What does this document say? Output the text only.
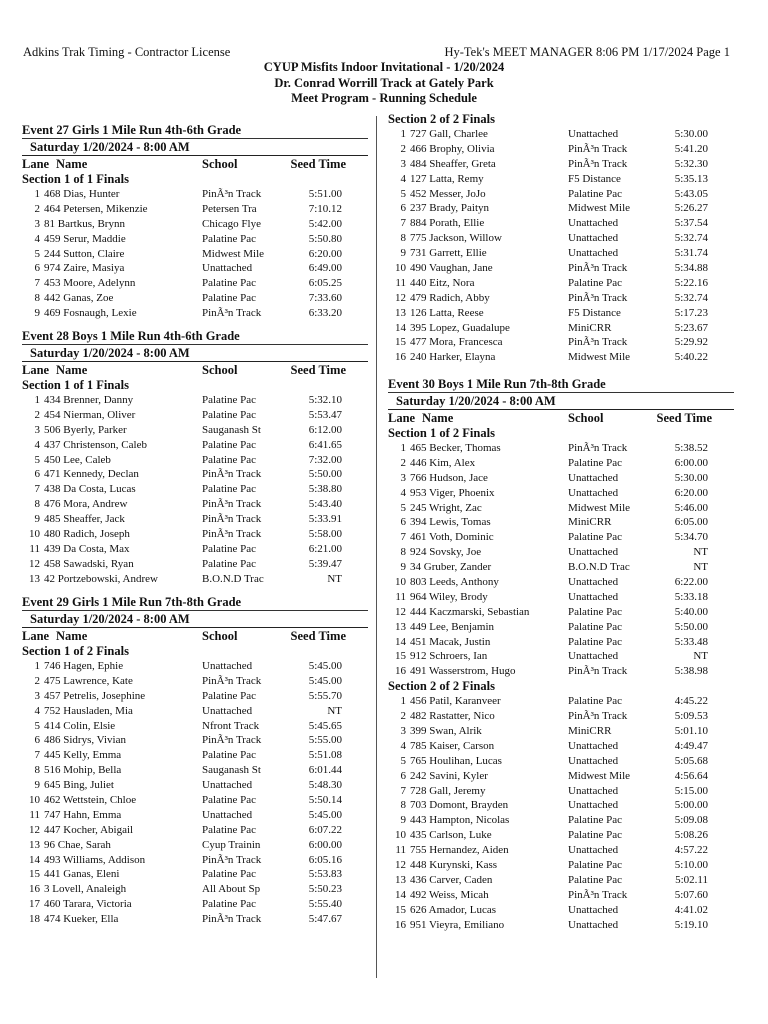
Adkins Trak Timing - Contractor License	Hy-Tek's MEET MANAGER 8:06 PM 1/17/2024 Page 1
CYUP Misfits Indoor Invitational - 1/20/2024
Dr. Conrad Worrill Track at Gately Park
Meet Program - Running Schedule
Event 27 Girls 1 Mile Run 4th-6th Grade
Saturday 1/20/2024 - 8:00 AM
Lane Name	School	Seed Time
Section 1 of 1 Finals
1 468 Dias, Hunter	PinÃ³n Track	5:51.00
2 464 Petersen, Mikenzie	Petersen Tra	7:10.12
3 81 Bartkus, Brynn	Chicago Flye	5:42.00
4 459 Serur, Maddie	Palatine Pac	5:50.80
5 244 Sutton, Claire	Midwest Mile	6:20.00
6 974 Zaire, Masiya	Unattached	6:49.00
7 453 Moore, Adelynn	Palatine Pac	6:05.25
8 442 Ganas, Zoe	Palatine Pac	7:33.60
9 469 Fosnaugh, Lexie	PinÃ³n Track	6:33.20
Event 28 Boys 1 Mile Run 4th-6th Grade
Saturday 1/20/2024 - 8:00 AM
Lane Name	School	Seed Time
Section 1 of 1 Finals
1 434 Brenner, Danny	Palatine Pac	5:32.10
2 454 Nierman, Oliver	Palatine Pac	5:53.47
3 506 Byerly, Parker	Sauganash St	6:12.00
4 437 Christenson, Caleb	Palatine Pac	6:41.65
5 450 Lee, Caleb	Palatine Pac	7:32.00
6 471 Kennedy, Declan	PinÃ³n Track	5:50.00
7 438 Da Costa, Lucas	Palatine Pac	5:38.80
8 476 Mora, Andrew	PinÃ³n Track	5:43.40
9 485 Sheaffer, Jack	PinÃ³n Track	5:33.91
10 480 Radich, Joseph	PinÃ³n Track	5:58.00
11 439 Da Costa, Max	Palatine Pac	6:21.00
12 458 Sawadski, Ryan	Palatine Pac	5:39.47
13 42 Portzebowski, Andrew	B.O.N.D Trac	NT
Event 29 Girls 1 Mile Run 7th-8th Grade
Saturday 1/20/2024 - 8:00 AM
Lane Name	School	Seed Time
Section 1 of 2 Finals
1 746 Hagen, Ephie	Unattached	5:45.00
2 475 Lawrence, Kate	PinÃ³n Track	5:45.00
3 457 Petrelis, Josephine	Palatine Pac	5:55.70
4 752 Hausladen, Mia	Unattached	NT
5 414 Colin, Elsie	Nfront Track	5:45.65
6 486 Sidrys, Vivian	PinÃ³n Track	5:55.00
7 445 Kelly, Emma	Palatine Pac	5:51.08
8 516 Mohip, Bella	Sauganash St	6:01.44
9 645 Bing, Juliet	Unattached	5:48.30
10 462 Wettstein, Chloe	Palatine Pac	5:50.14
11 747 Hahn, Emma	Unattached	5:45.00
12 447 Kocher, Abigail	Palatine Pac	6:07.22
13 96 Chae, Sarah	Cyup Trainin	6:00.00
14 493 Williams, Addison	PinÃ³n Track	6:05.16
15 441 Ganas, Eleni	Palatine Pac	5:53.83
16 3 Lovell, Analeigh	All About Sp	5:50.23
17 460 Tarara, Victoria	Palatine Pac	5:55.40
18 474 Kueker, Ella	PinÃ³n Track	5:47.67
Section 2 of 2 Finals
1 727 Gall, Charlee	Unattached	5:30.00
2 466 Brophy, Olivia	PinÃ³n Track	5:41.20
3 484 Sheaffer, Greta	PinÃ³n Track	5:32.30
4 127 Latta, Remy	F5 Distance	5:35.13
5 452 Messer, JoJo	Palatine Pac	5:43.05
6 237 Brady, Paityn	Midwest Mile	5:26.27
7 884 Porath, Ellie	Unattached	5:37.54
8 775 Jackson, Willow	Unattached	5:32.74
9 731 Garrett, Ellie	Unattached	5:31.74
10 490 Vaughan, Jane	PinÃ³n Track	5:34.88
11 440 Eitz, Nora	Palatine Pac	5:22.16
12 479 Radich, Abby	PinÃ³n Track	5:32.74
13 126 Latta, Reese	F5 Distance	5:17.23
14 395 Lopez, Guadalupe	MiniCRR	5:23.67
15 477 Mora, Francesca	PinÃ³n Track	5:29.92
16 240 Harker, Elayna	Midwest Mile	5:40.22
Event 30 Boys 1 Mile Run 7th-8th Grade
Saturday 1/20/2024 - 8:00 AM
Lane Name	School	Seed Time
Section 1 of 2 Finals
1 465 Becker, Thomas	PinÃ³n Track	5:38.52
2 446 Kim, Alex	Palatine Pac	6:00.00
3 766 Hudson, Jace	Unattached	5:30.00
4 953 Viger, Phoenix	Unattached	6:20.00
5 245 Wright, Zac	Midwest Mile	5:46.00
6 394 Lewis, Tomas	MiniCRR	6:05.00
7 461 Voth, Dominic	Palatine Pac	5:34.70
8 924 Sovsky, Joe	Unattached	NT
9 34 Gruber, Zander	B.O.N.D Trac	NT
10 803 Leeds, Anthony	Unattached	6:22.00
11 964 Wiley, Brody	Unattached	5:33.18
12 444 Kaczmarski, Sebastian	Palatine Pac	5:40.00
13 449 Lee, Benjamin	Palatine Pac	5:50.00
14 451 Macak, Justin	Palatine Pac	5:33.48
15 912 Schroers, Ian	Unattached	NT
16 491 Wasserstrom, Hugo	PinÃ³n Track	5:38.98
Section 2 of 2 Finals
1 456 Patil, Karanveer	Palatine Pac	4:45.22
2 482 Rastatter, Nico	PinÃ³n Track	5:09.53
3 399 Swan, Alrik	MiniCRR	5:01.10
4 785 Kaiser, Carson	Unattached	4:49.47
5 765 Houlihan, Lucas	Unattached	5:05.68
6 242 Savini, Kyler	Midwest Mile	4:56.64
7 728 Gall, Jeremy	Unattached	5:15.00
8 703 Domont, Brayden	Unattached	5:00.00
9 443 Hampton, Nicolas	Palatine Pac	5:09.08
10 435 Carlson, Luke	Palatine Pac	5:08.26
11 755 Hernandez, Aiden	Unattached	4:57.22
12 448 Kurynski, Kass	Palatine Pac	5:10.00
13 436 Carver, Caden	Palatine Pac	5:02.11
14 492 Weiss, Micah	PinÃ³n Track	5:07.60
15 626 Amador, Lucas	Unattached	4:41.02
16 951 Vieyra, Emiliano	Unattached	5:19.10
